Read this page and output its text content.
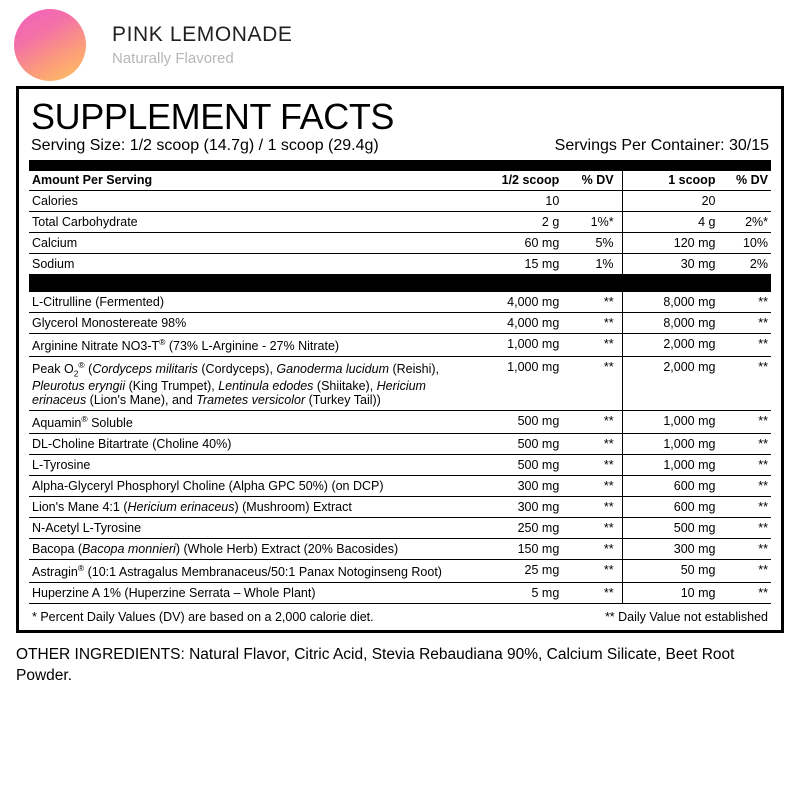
PINK LEMONADE
Naturally Flavored
SUPPLEMENT FACTS
Serving Size: 1/2 scoop (14.7g) / 1 scoop (29.4g)	Servings Per Container: 30/15
Amount Per Serving	1/2 scoop	% DV	1 scoop	% DV
Calories	10		20	
Total Carbohydrate	2 g	1%*	4 g	2%*
Calcium	60 mg	5%	120 mg	10%
Sodium	15 mg	1%	30 mg	2%

L-Citrulline (Fermented)	4,000 mg	**	8,000 mg	**
Glycerol Monostereate 98%	4,000 mg	**	8,000 mg	**
Arginine Nitrate NO3-T® (73% L-Arginine - 27% Nitrate)	1,000 mg	**	2,000 mg	**
Peak $O_2®$ (Cordyceps militaris (Cordyceps), Ganoderma lucidum (Reishi), Pleurotus eryngii (King Trumpet), Lentinula edodes (Shiitake), Hericium erinaceus (Lion's Mane), and Trametes versicolor (Turkey Tail))	1,000 mg	**	2,000 mg	**
Aquamin® Soluble	500 mg	**	1,000 mg	**
DL-Choline Bitartrate (Choline 40%)	500 mg	**	1,000 mg	**
L-Tyrosine	500 mg	**	1,000 mg	**
Alpha-Glyceryl Phosphoryl Choline (Alpha GPC 50%) (on DCP)	300 mg	**	600 mg	**
Lion's Mane 4:1 (Hericium erinaceus) (Mushroom) Extract	300 mg	**	600 mg	**
N-Acetyl L-Tyrosine	250 mg	**	500 mg	**
Bacopa (Bacopa monnieri) (Whole Herb) Extract (20% Bacosides)	150 mg	**	300 mg	**
Astragin® (10:1 Astragalus Membranaceus/50:1 Panax Notoginseng Root)	25 mg	**	50 mg	**
Huperzine A 1% (Huperzine Serrata – Whole Plant)	5 mg	**	10 mg	**
* Percent Daily Values (DV) are based on a 2,000 calorie diet.	** Daily Value not established
OTHER INGREDIENTS: Natural Flavor, Citric Acid, Stevia Rebaudiana 90%, Calcium Silicate, Beet Root Powder.
